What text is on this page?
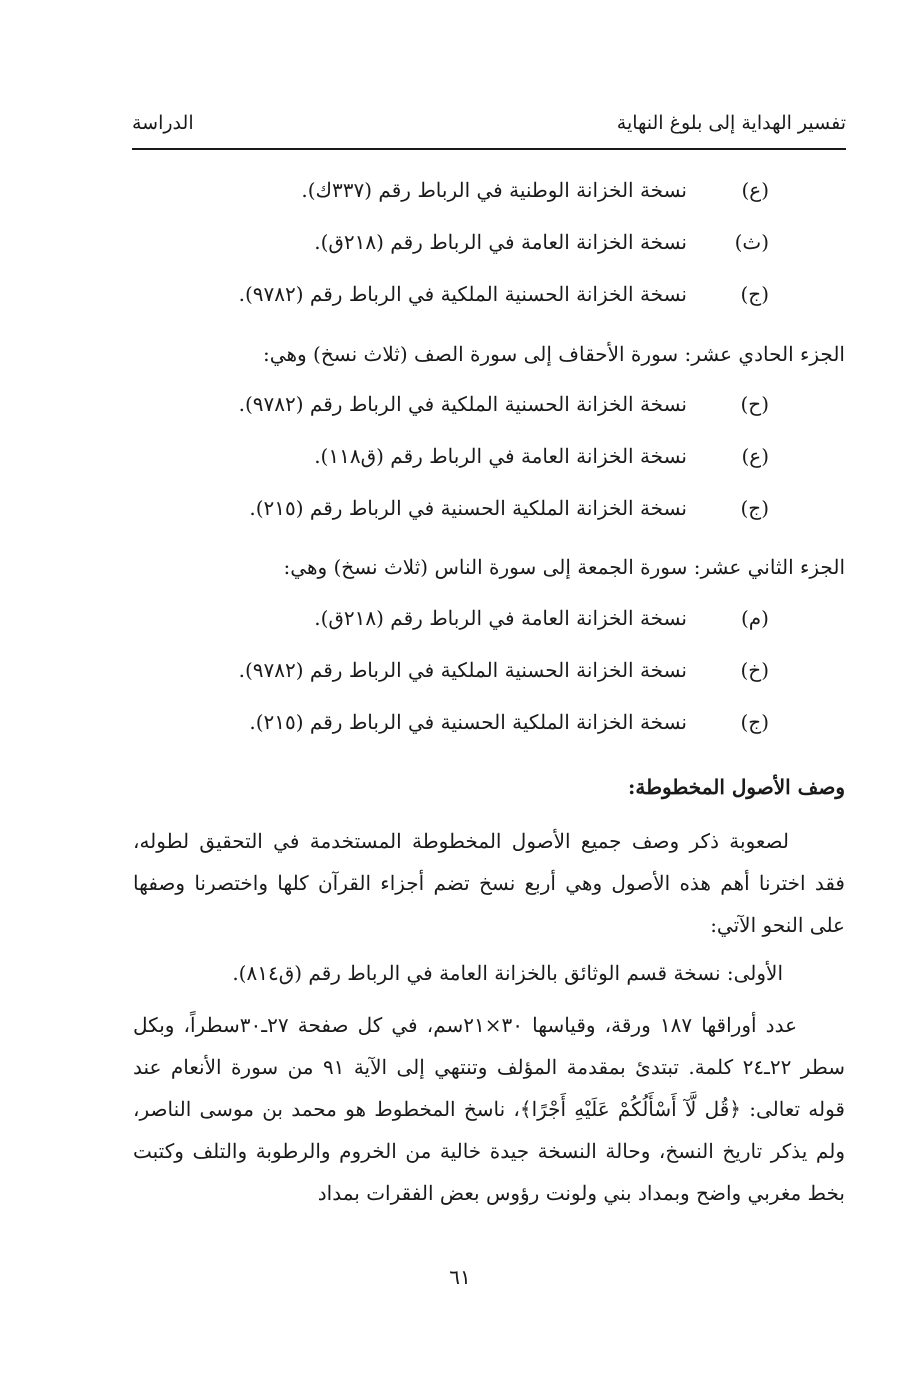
تفسير الهداية إلى بلوغ النهاية
الدراسة
(ع)نسخة الخزانة الوطنية في الرباط رقم (٣٣٧ك).
(ث)نسخة الخزانة العامة في الرباط رقم (٢١٨ق).
(ج)نسخة الخزانة الحسنية الملكية في الرباط رقم (٩٧٨٢).
الجزء الحادي عشر: سورة الأحقاف إلى سورة الصف (ثلاث نسخ) وهي:
(ح)نسخة الخزانة الحسنية الملكية في الرباط رقم (٩٧٨٢).
(ع)نسخة الخزانة العامة في الرباط رقم (ق١١٨).
(ج)نسخة الخزانة الملكية الحسنية في الرباط رقم (٢١٥).
الجزء الثاني عشر: سورة الجمعة إلى سورة الناس (ثلاث نسخ) وهي:
(م)نسخة الخزانة العامة في الرباط رقم (٢١٨ق).
(خ)نسخة الخزانة الحسنية الملكية في الرباط رقم (٩٧٨٢).
(ج)نسخة الخزانة الملكية الحسنية في الرباط رقم (٢١٥).
وصف الأصول المخطوطة:
لصعوبة ذكر وصف جميع الأصول المخطوطة المستخدمة في التحقيق لطوله، فقد اخترنا أهم هذه الأصول وهي أربع نسخ تضم أجزاء القرآن كلها واختصرنا وصفها على النحو الآتي:
الأولى: نسخة قسم الوثائق بالخزانة العامة في الرباط رقم (ق٨١٤).
عدد أوراقها ١٨٧ ورقة، وقياسها ٣٠×٢١سم، في كل صفحة ٢٧ـ٣٠سطراً، وبكل سطر ٢٢ـ٢٤ كلمة. تبتدئ بمقدمة المؤلف وتنتهي إلى الآية ٩١ من سورة الأنعام عند قوله تعالى: ﴿قُل لَّآ أَسْأَلُكُمْ عَلَيْهِ أَجْرًا﴾، ناسخ المخطوط هو محمد بن موسى الناصر، ولم يذكر تاريخ النسخ، وحالة النسخة جيدة خالية من الخروم والرطوبة والتلف وكتبت بخط مغربي واضح وبمداد بني ولونت رؤوس بعض الفقرات بمداد
٦١
